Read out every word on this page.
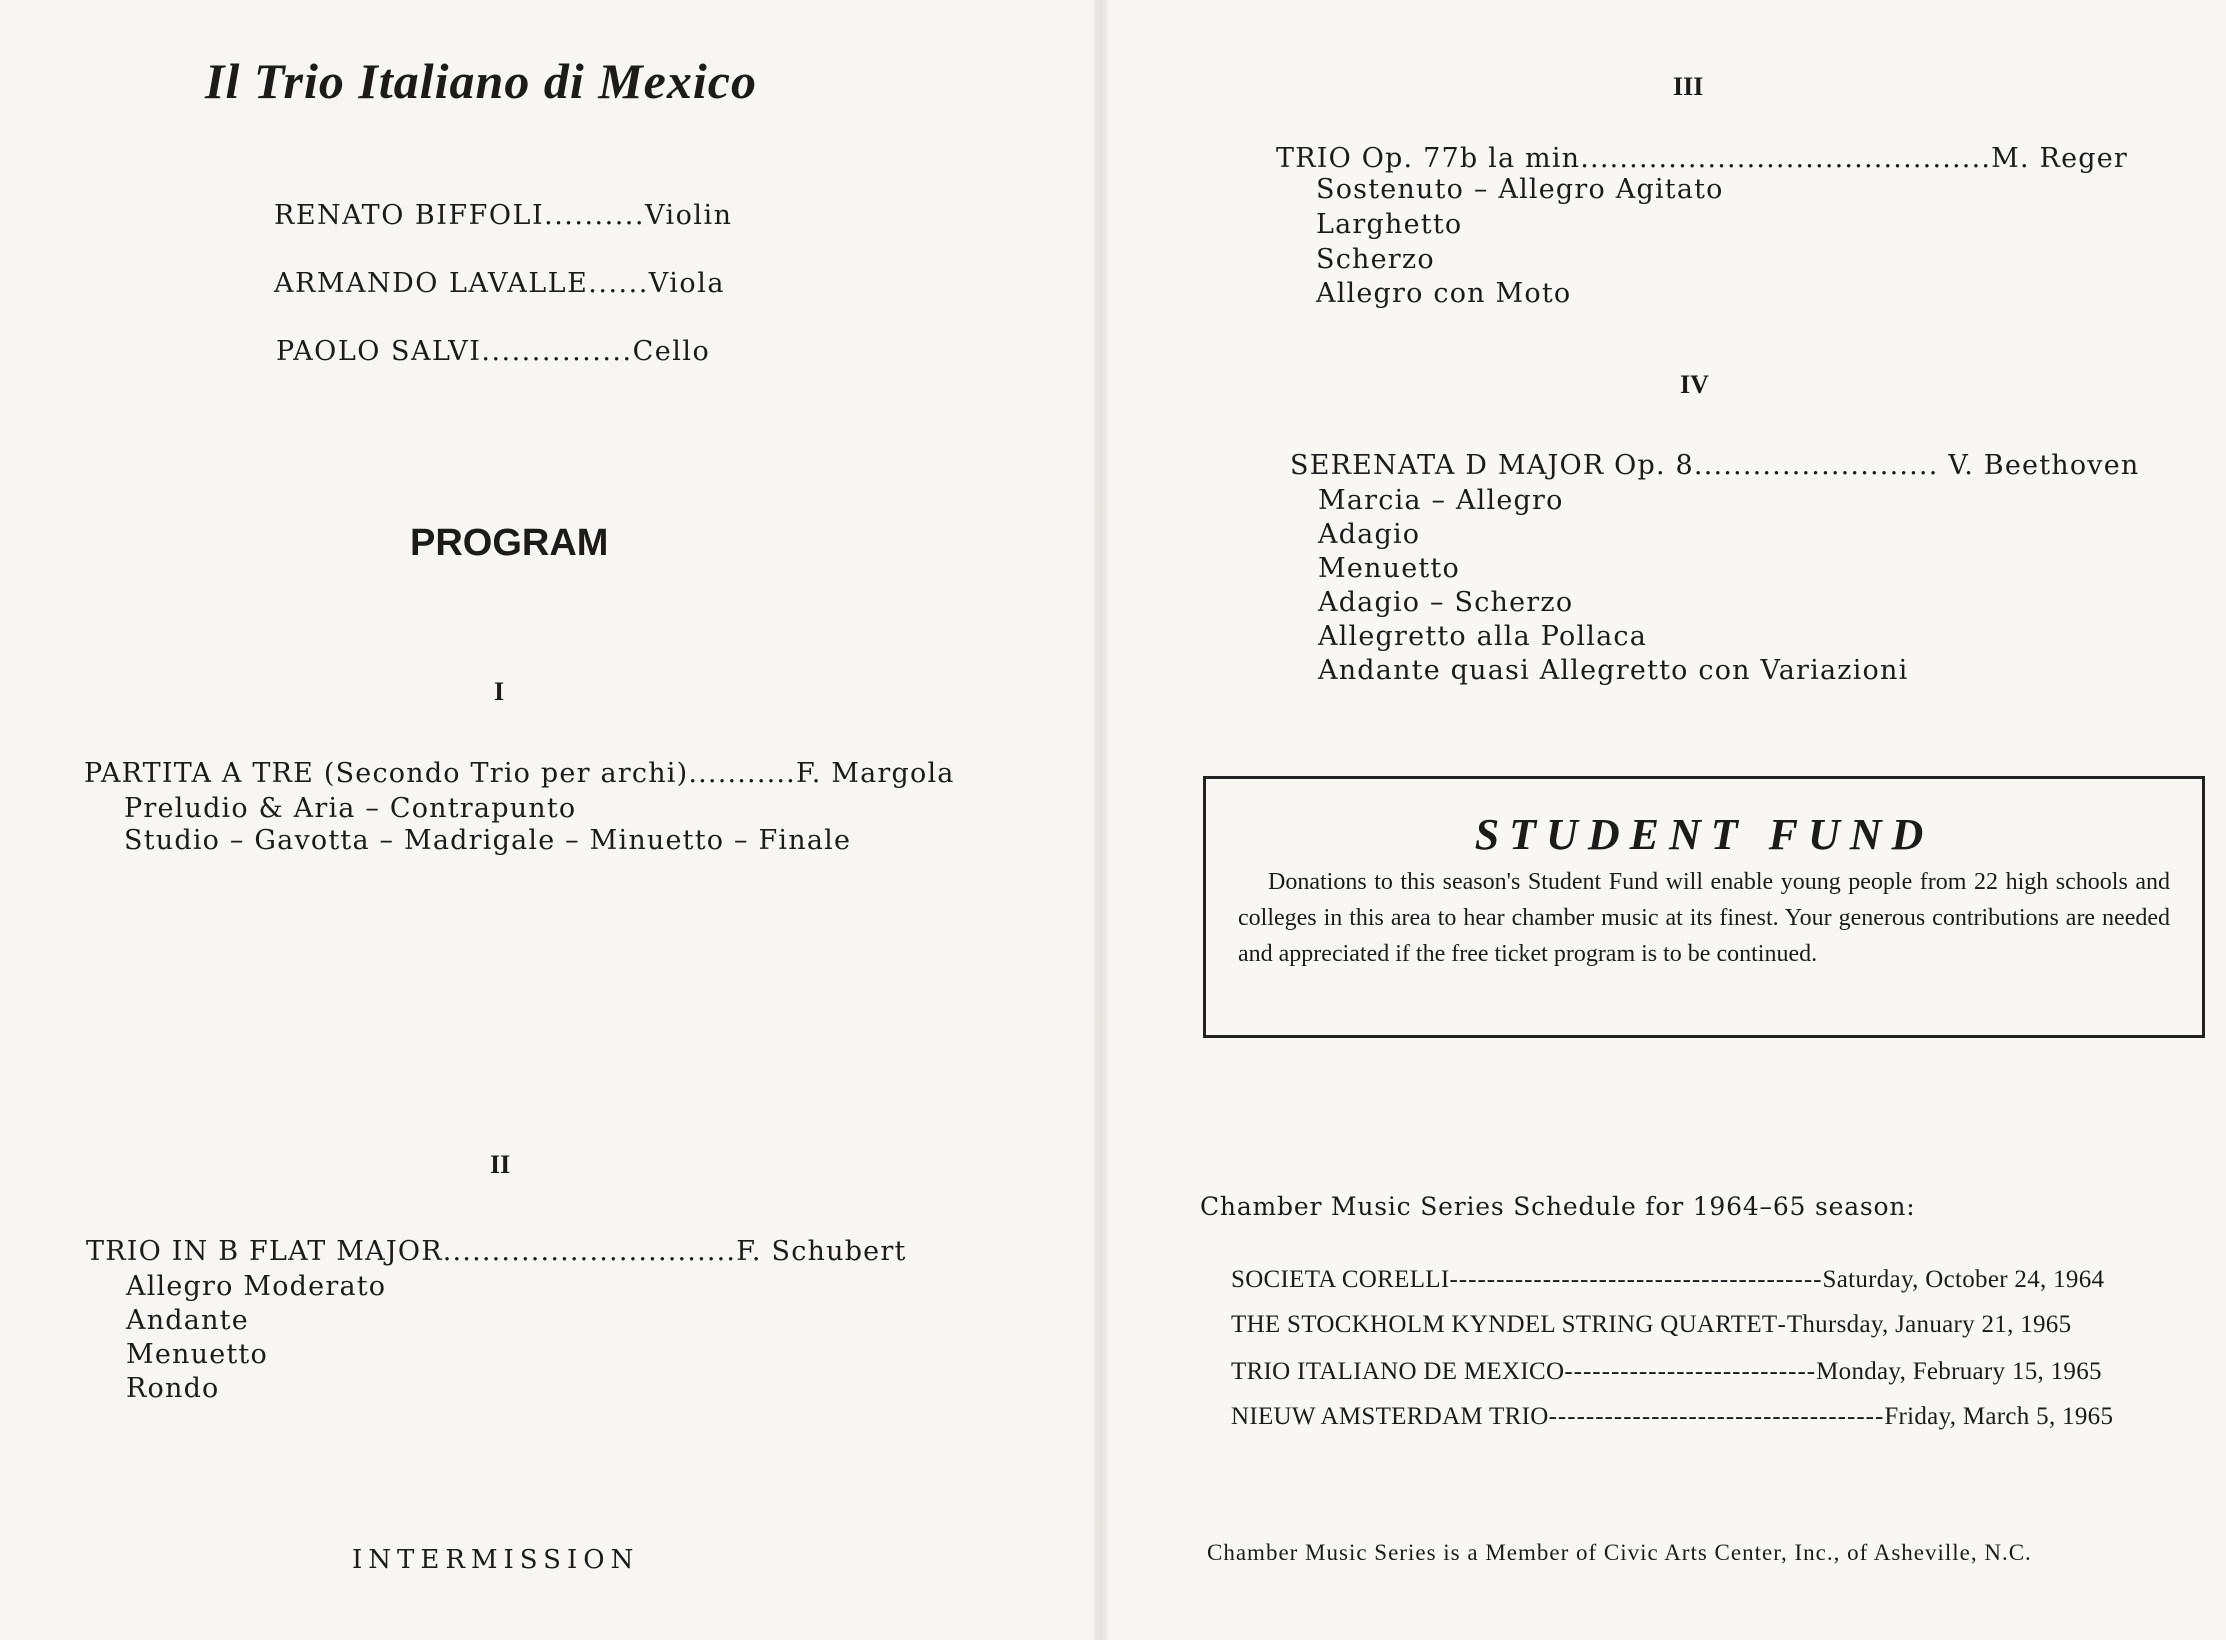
Il Trio Italiano di Mexico
RENATO BIFFOLI..........Violin
ARMANDO LAVALLE......Viola
PAOLO SALVI...............Cello
PROGRAM
I
PARTITA A TRE (Secondo Trio per archi)...........F. Margola
Preludio & Aria – Contrapunto
Studio – Gavotta – Madrigale – Minuetto – Finale
II
TRIO IN B FLAT MAJOR..............................F. Schubert
Allegro Moderato
Andante
Menuetto
Rondo
INTERMISSION
III
TRIO Op. 77b la min..........................................M. Reger
Sostenuto – Allegro Agitato
Larghetto
Scherzo
Allegro con Moto
IV
SERENATA D MAJOR Op. 8......................... V. Beethoven
Marcia – Allegro
Adagio
Menuetto
Adagio – Scherzo
Allegretto alla Pollaca
Andante quasi Allegretto con Variazioni
STUDENT FUND
Donations to this season's Student Fund will enable young people from 22 high schools and colleges in this area to hear chamber music at its finest. Your generous contributions are needed and appreciated if the free ticket program is to be continued.
Chamber Music Series Schedule for 1964–65 season:
SOCIETA CORELLI----------------------------------------Saturday, October 24, 1964
THE STOCKHOLM KYNDEL STRING QUARTET-Thursday, January 21, 1965
TRIO ITALIANO DE MEXICO---------------------------Monday, February 15, 1965
NIEUW AMSTERDAM TRIO------------------------------------Friday, March 5, 1965
Chamber Music Series is a Member of Civic Arts Center, Inc., of Asheville, N.C.
